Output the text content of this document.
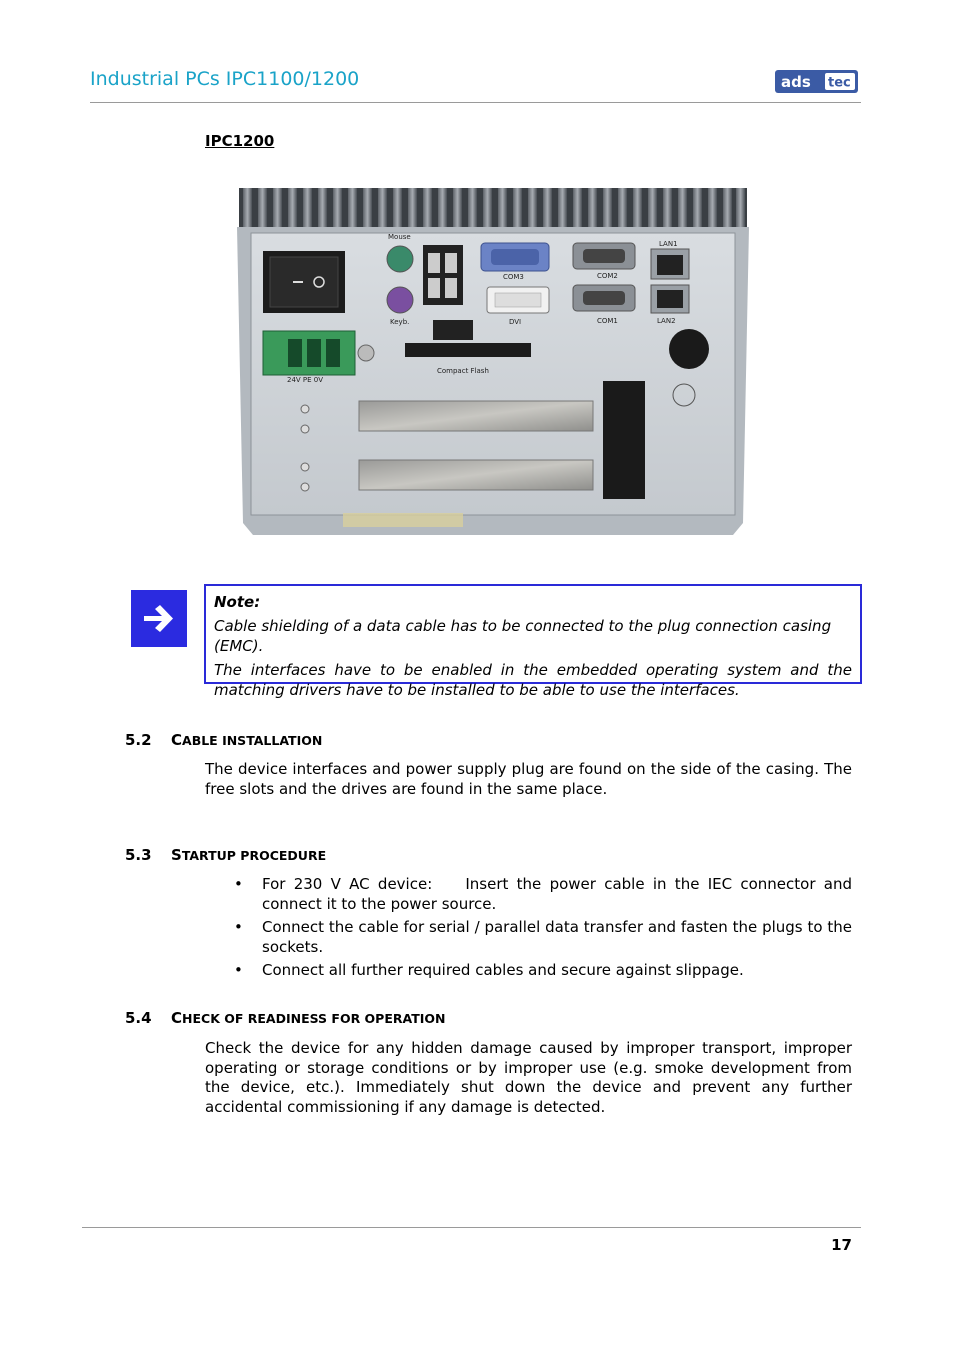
Industrial PCs IPC1100/1200	ads tec
IPC1200
Mouse
Keyb.
COM3
DVI
COM2
COM1
LAN1
LAN2
24V PE 0V
Compact Flash
Note:
Cable shielding of a data cable has to be connected to the plug connection casing (EMC).
The interfaces have to be enabled in the embedded operating system and the matching drivers have to be installed to be able to use the interfaces.
5.2 CABLE INSTALLATION
The device interfaces and power supply plug are found on the side of the casing. The free slots and the drives are found in the same place.
5.3 STARTUP PROCEDURE
• For 230 V AC device:    Insert the power cable in the IEC connector and connect it to the power source.
• Connect the cable for serial / parallel data transfer and fasten the plugs to the sockets.
• Connect all further required cables and secure against slippage.
5.4 CHECK OF READINESS FOR OPERATION
Check the device for any hidden damage caused by improper transport, improper operating or storage conditions or by improper use (e.g. smoke development from the device, etc.). Immediately shut down the device and prevent any further accidental commissioning if any damage is detected.
17
